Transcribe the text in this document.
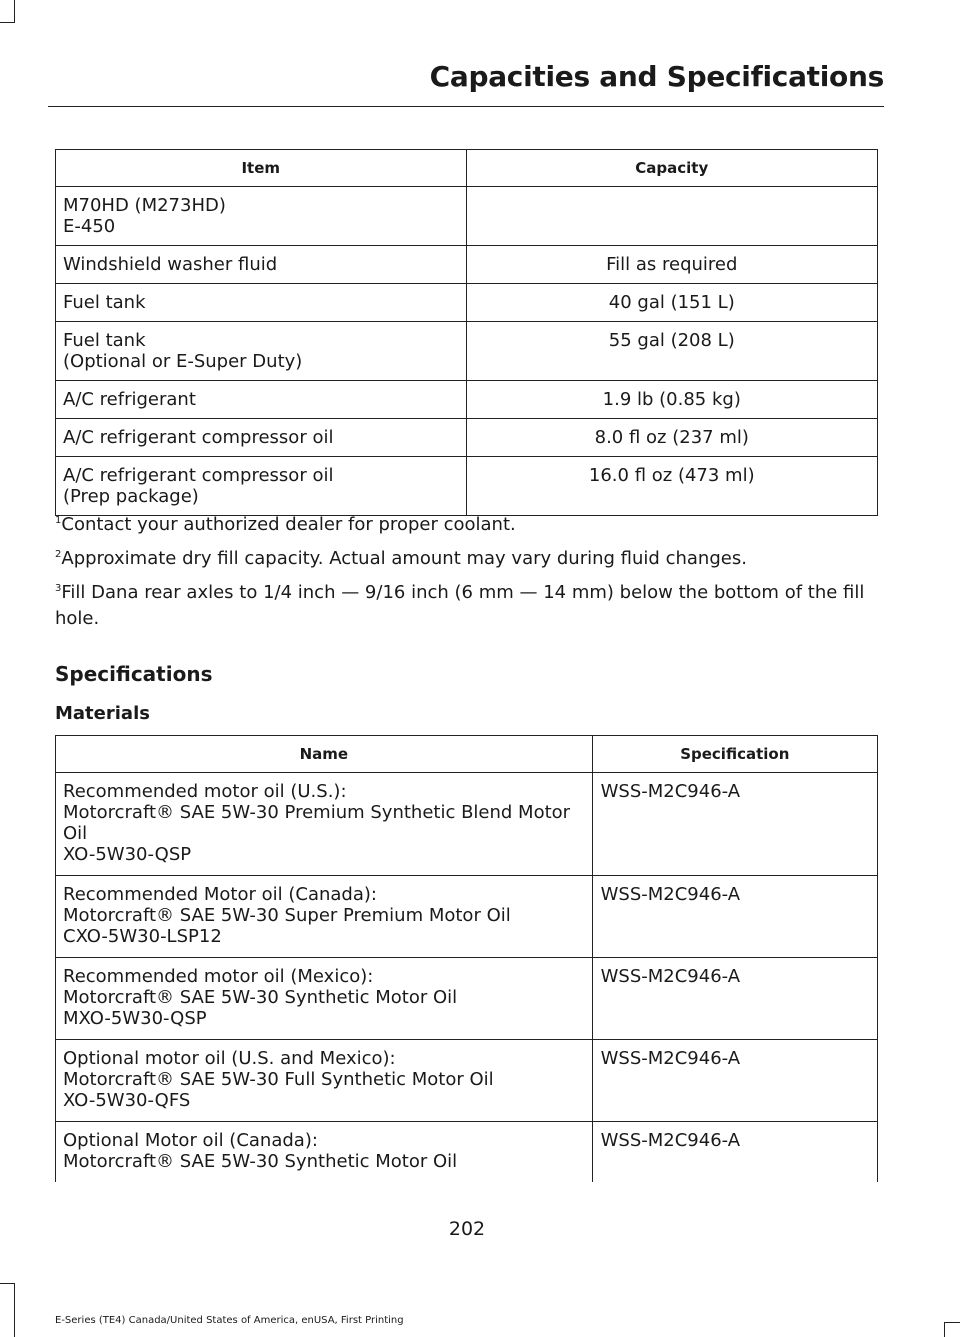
Capacities and Specifications
Item	Capacity

M70HD (M273HD)
E-450	

Windshield washer fluid	Fill as required

Fuel tank	40 gal (151 L)

Fuel tank
(Optional or E-Super Duty)	55 gal (208 L)

A/C refrigerant	1.9 lb (0.85 kg)

A/C refrigerant compressor oil	8.0 fl oz (237 ml)

A/C refrigerant compressor oil
(Prep package)	16.0 fl oz (473 ml)
$^1$Contact your authorized dealer for proper coolant.
$^2$Approximate dry fill capacity. Actual amount may vary during fluid changes.
$^3$Fill Dana rear axles to 1/4 inch — 9/16 inch (6 mm — 14 mm) below the bottom of the fill hole.
Specifications
Materials
Name	Specification

Recommended motor oil (U.S.):
Motorcraft® SAE 5W-30 Premium Synthetic Blend Motor Oil
XO-5W30-QSP	WSS-M2C946-A

Recommended Motor oil (Canada):
Motorcraft® SAE 5W-30 Super Premium Motor Oil
CXO-5W30-LSP12	WSS-M2C946-A

Recommended motor oil (Mexico):
Motorcraft® SAE 5W-30 Synthetic Motor Oil
MXO-5W30-QSP	WSS-M2C946-A

Optional motor oil (U.S. and Mexico):
Motorcraft® SAE 5W-30 Full Synthetic Motor Oil
XO-5W30-QFS	WSS-M2C946-A

Optional Motor oil (Canada):
Motorcraft® SAE 5W-30 Synthetic Motor Oil	WSS-M2C946-A
202
E-Series (TE4) Canada/United States of America, enUSA, First Printing
